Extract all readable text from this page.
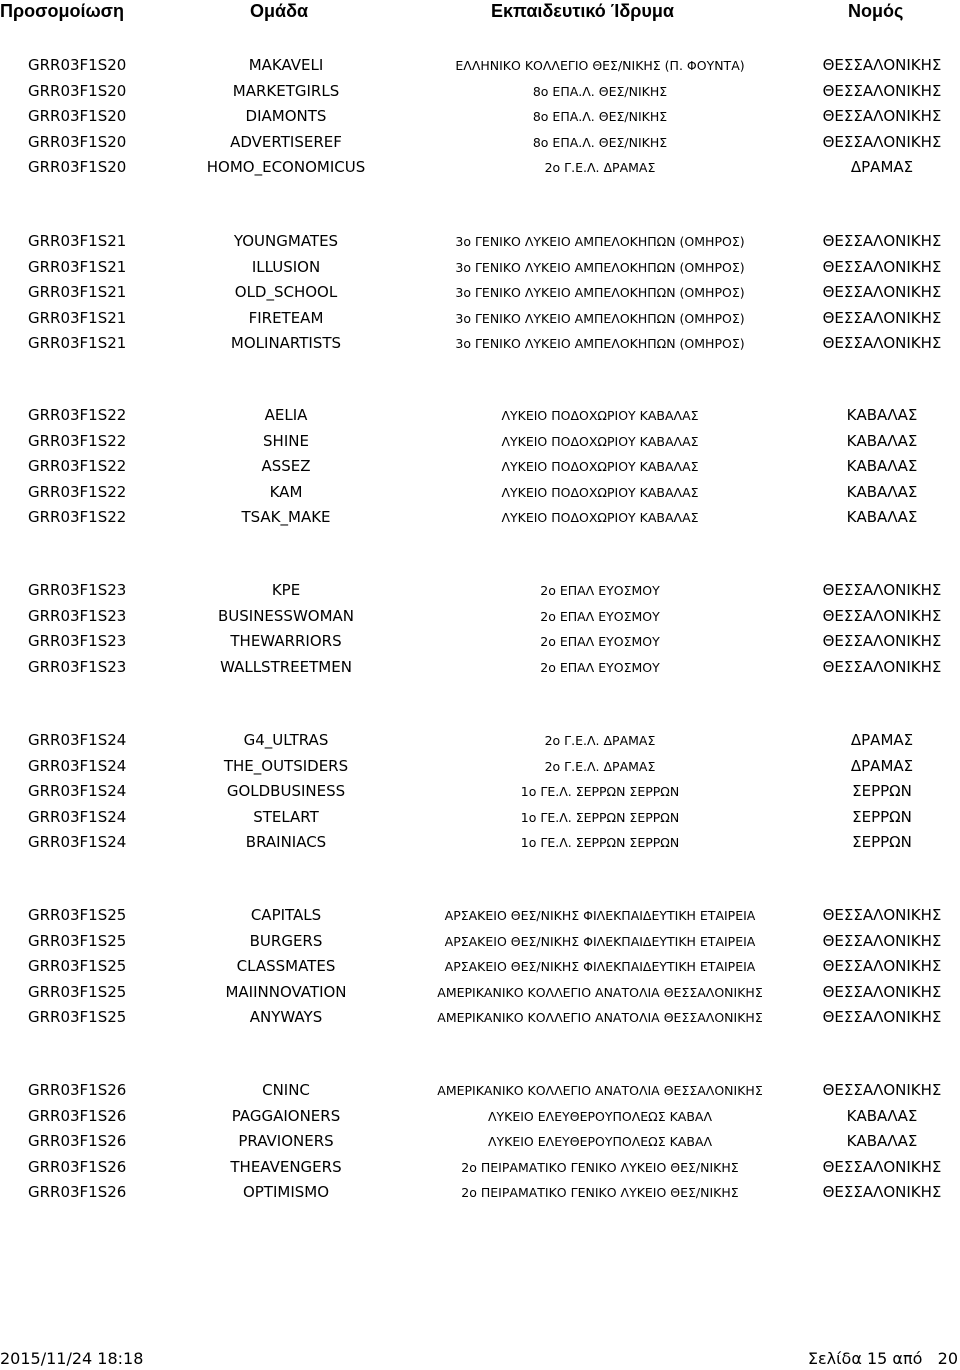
Προσομοίωση	Ομάδα	Εκπαιδευτικό Ίδρυμα	Νομός
GRR03F1S20	MAKAVELI	ΕΛΛΗΝΙΚΟ ΚΟΛΛΕΓΙΟ ΘΕΣ/ΝΙΚΗΣ (Π. ΦΟΥΝΤΑ)	ΘΕΣΣΑΛΟΝΙΚΗΣ
GRR03F1S20	MARKETGIRLS	8ο ΕΠΑ.Λ. ΘΕΣ/ΝΙΚΗΣ	ΘΕΣΣΑΛΟΝΙΚΗΣ
GRR03F1S20	DIAMONTS	8ο ΕΠΑ.Λ. ΘΕΣ/ΝΙΚΗΣ	ΘΕΣΣΑΛΟΝΙΚΗΣ
GRR03F1S20	ADVERTISEREF	8ο ΕΠΑ.Λ. ΘΕΣ/ΝΙΚΗΣ	ΘΕΣΣΑΛΟΝΙΚΗΣ
GRR03F1S20	HOMO_ECONOMICUS	2ο Γ.Ε.Λ. ΔΡΑΜΑΣ	ΔΡΑΜΑΣ
GRR03F1S21	YOUNGMATES	3ο ΓΕΝΙΚΟ ΛΥΚΕΙΟ ΑΜΠΕΛΟΚΗΠΩΝ (ΟΜΗΡΟΣ)	ΘΕΣΣΑΛΟΝΙΚΗΣ
GRR03F1S21	ILLUSION	3ο ΓΕΝΙΚΟ ΛΥΚΕΙΟ ΑΜΠΕΛΟΚΗΠΩΝ (ΟΜΗΡΟΣ)	ΘΕΣΣΑΛΟΝΙΚΗΣ
GRR03F1S21	OLD_SCHOOL	3ο ΓΕΝΙΚΟ ΛΥΚΕΙΟ ΑΜΠΕΛΟΚΗΠΩΝ (ΟΜΗΡΟΣ)	ΘΕΣΣΑΛΟΝΙΚΗΣ
GRR03F1S21	FIRETEAM	3ο ΓΕΝΙΚΟ ΛΥΚΕΙΟ ΑΜΠΕΛΟΚΗΠΩΝ (ΟΜΗΡΟΣ)	ΘΕΣΣΑΛΟΝΙΚΗΣ
GRR03F1S21	MOLINARTISTS	3ο ΓΕΝΙΚΟ ΛΥΚΕΙΟ ΑΜΠΕΛΟΚΗΠΩΝ (ΟΜΗΡΟΣ)	ΘΕΣΣΑΛΟΝΙΚΗΣ
GRR03F1S22	AELIA	ΛΥΚΕΙΟ ΠΟΔΟΧΩΡΙΟΥ ΚΑΒΑΛΑΣ	ΚΑΒΑΛΑΣ
GRR03F1S22	SHINE	ΛΥΚΕΙΟ ΠΟΔΟΧΩΡΙΟΥ ΚΑΒΑΛΑΣ	ΚΑΒΑΛΑΣ
GRR03F1S22	ASSEZ	ΛΥΚΕΙΟ ΠΟΔΟΧΩΡΙΟΥ ΚΑΒΑΛΑΣ	ΚΑΒΑΛΑΣ
GRR03F1S22	KAM	ΛΥΚΕΙΟ ΠΟΔΟΧΩΡΙΟΥ ΚΑΒΑΛΑΣ	ΚΑΒΑΛΑΣ
GRR03F1S22	TSAK_MAKE	ΛΥΚΕΙΟ ΠΟΔΟΧΩΡΙΟΥ ΚΑΒΑΛΑΣ	ΚΑΒΑΛΑΣ
GRR03F1S23	KPE	2ο ΕΠΑΛ ΕΥΟΣΜΟΥ	ΘΕΣΣΑΛΟΝΙΚΗΣ
GRR03F1S23	BUSINESSWOMAN	2ο ΕΠΑΛ ΕΥΟΣΜΟΥ	ΘΕΣΣΑΛΟΝΙΚΗΣ
GRR03F1S23	THEWARRIORS	2ο ΕΠΑΛ ΕΥΟΣΜΟΥ	ΘΕΣΣΑΛΟΝΙΚΗΣ
GRR03F1S23	WALLSTREETMEN	2ο ΕΠΑΛ ΕΥΟΣΜΟΥ	ΘΕΣΣΑΛΟΝΙΚΗΣ
GRR03F1S24	G4_ULTRAS	2ο Γ.Ε.Λ. ΔΡΑΜΑΣ	ΔΡΑΜΑΣ
GRR03F1S24	THE_OUTSIDERS	2ο Γ.Ε.Λ. ΔΡΑΜΑΣ	ΔΡΑΜΑΣ
GRR03F1S24	GOLDBUSINESS	1ο ΓΕ.Λ. ΣΕΡΡΩΝ ΣΕΡΡΩΝ	ΣΕΡΡΩΝ
GRR03F1S24	STELART	1ο ΓΕ.Λ. ΣΕΡΡΩΝ ΣΕΡΡΩΝ	ΣΕΡΡΩΝ
GRR03F1S24	BRAINIACS	1ο ΓΕ.Λ. ΣΕΡΡΩΝ ΣΕΡΡΩΝ	ΣΕΡΡΩΝ
GRR03F1S25	CAPITALS	ΑΡΣΑΚΕΙΟ ΘΕΣ/ΝΙΚΗΣ ΦΙΛΕΚΠΑΙΔΕΥΤΙΚΗ ΕΤΑΙΡΕΙΑ	ΘΕΣΣΑΛΟΝΙΚΗΣ
GRR03F1S25	BURGERS	ΑΡΣΑΚΕΙΟ ΘΕΣ/ΝΙΚΗΣ ΦΙΛΕΚΠΑΙΔΕΥΤΙΚΗ ΕΤΑΙΡΕΙΑ	ΘΕΣΣΑΛΟΝΙΚΗΣ
GRR03F1S25	CLASSMATES	ΑΡΣΑΚΕΙΟ ΘΕΣ/ΝΙΚΗΣ ΦΙΛΕΚΠΑΙΔΕΥΤΙΚΗ ΕΤΑΙΡΕΙΑ	ΘΕΣΣΑΛΟΝΙΚΗΣ
GRR03F1S25	MAIINNOVATION	ΑΜΕΡΙΚΑΝΙΚΟ ΚΟΛΛΕΓΙΟ ΑΝΑΤΟΛΙΑ ΘΕΣΣΑΛΟΝΙΚΗΣ	ΘΕΣΣΑΛΟΝΙΚΗΣ
GRR03F1S25	ANYWAYS	ΑΜΕΡΙΚΑΝΙΚΟ ΚΟΛΛΕΓΙΟ ΑΝΑΤΟΛΙΑ ΘΕΣΣΑΛΟΝΙΚΗΣ	ΘΕΣΣΑΛΟΝΙΚΗΣ
GRR03F1S26	CNINC	ΑΜΕΡΙΚΑΝΙΚΟ ΚΟΛΛΕΓΙΟ ΑΝΑΤΟΛΙΑ ΘΕΣΣΑΛΟΝΙΚΗΣ	ΘΕΣΣΑΛΟΝΙΚΗΣ
GRR03F1S26	PAGGAIONERS	ΛΥΚΕΙΟ ΕΛΕΥΘΕΡΟΥΠΟΛΕΩΣ ΚΑΒΑΛ	ΚΑΒΑΛΑΣ
GRR03F1S26	PRAVIONERS	ΛΥΚΕΙΟ ΕΛΕΥΘΕΡΟΥΠΟΛΕΩΣ ΚΑΒΑΛ	ΚΑΒΑΛΑΣ
GRR03F1S26	THEAVENGERS	2ο ΠΕΙΡΑΜΑΤΙΚΟ ΓΕΝΙΚΟ ΛΥΚΕΙΟ ΘΕΣ/ΝΙΚΗΣ	ΘΕΣΣΑΛΟΝΙΚΗΣ
GRR03F1S26	OPTIMISMO	2ο ΠΕΙΡΑΜΑΤΙΚΟ ΓΕΝΙΚΟ ΛΥΚΕΙΟ ΘΕΣ/ΝΙΚΗΣ	ΘΕΣΣΑΛΟΝΙΚΗΣ
2015/11/24 18:18	Σελίδα 15 από   20
